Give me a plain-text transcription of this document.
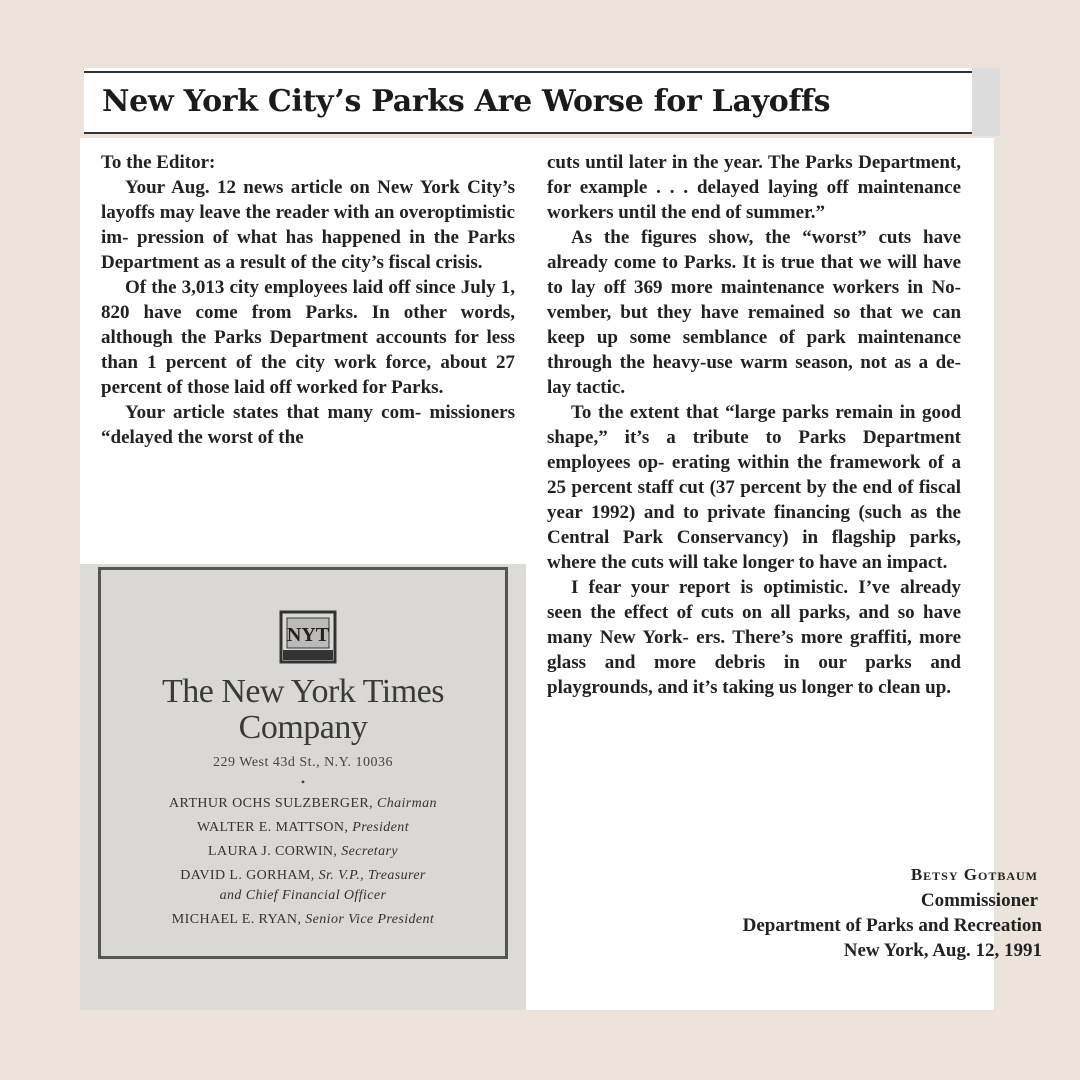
New York City’s Parks Are Worse for Layoffs

To the Editor:

Your Aug. 12 news article on New York City’s layoffs may leave the reader with an overoptimistic im- pression of what has happened in the Parks Department as a result of the city’s fiscal crisis.

Of the 3,013 city employees laid off since July 1, 820 have come from Parks. In other words, although the Parks Department accounts for less than 1 percent of the city work force, about 27 percent of those laid off worked for Parks.

Your article states that many com- missioners “delayed the worst of the

cuts until later in the year. The Parks Department, for example . . . delayed laying off maintenance workers until the end of summer.”

As the figures show, the “worst” cuts have already come to Parks. It is true that we will have to lay off 369 more maintenance workers in No- vember, but they have remained so that we can keep up some semblance of park maintenance through the heavy-use warm season, not as a de- lay tactic.

To the extent that “large parks remain in good shape,” it’s a tribute to Parks Department employees op- erating within the framework of a 25 percent staff cut (37 percent by the end of fiscal year 1992) and to private financing (such as the Central Park Conservancy) in flagship parks, where the cuts will take longer to have an impact.

I fear your report is optimistic. I’ve already seen the effect of cuts on all parks, and so have many New York- ers. There’s more graffiti, more glass and more debris in our parks and playgrounds, and it’s taking us longer to clean up.

Betsy Gotbaum
Commissioner
Department of Parks and Recreation
New York, Aug. 12, 1991
NYT
The New York Times
Company
229 West 43d St., N.Y. 10036
•
ARTHUR OCHS SULZBERGER, Chairman
WALTER E. MATTSON, President
LAURA J. CORWIN, Secretary
DAVID L. GORHAM, Sr. V.P., Treasurer
and Chief Financial Officer
MICHAEL E. RYAN, Senior Vice President
